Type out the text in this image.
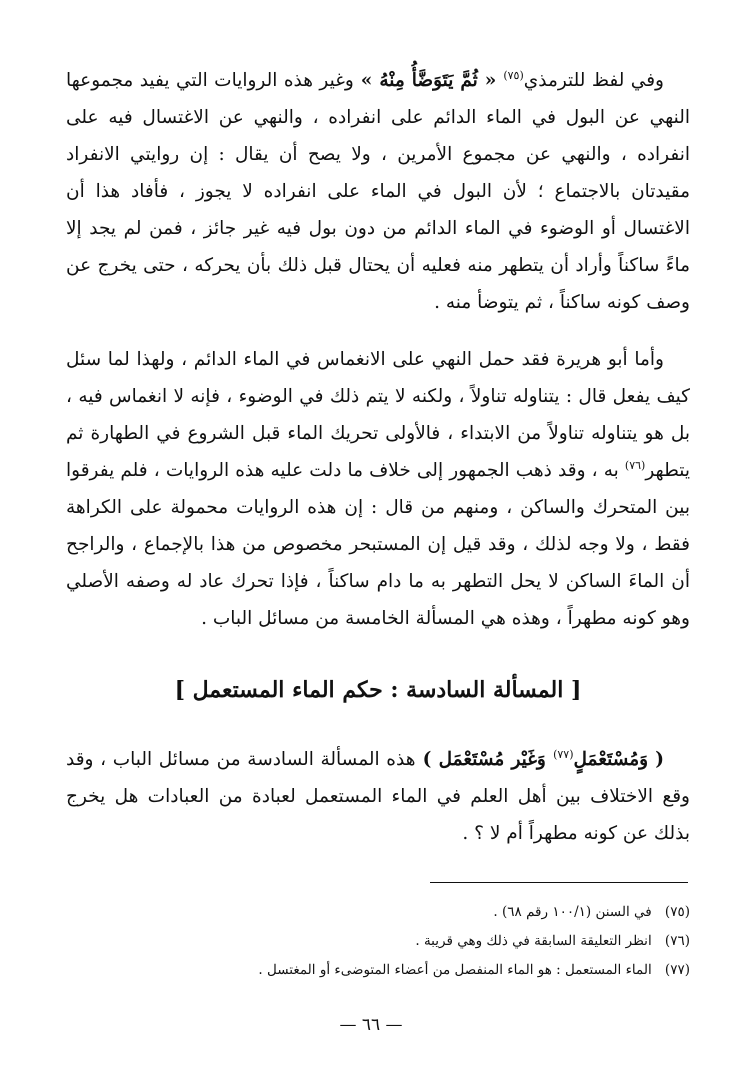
وفي لفظ للترمذي$^{(٧٥)}$ « ثُمَّ يَتَوَضَّأُ مِنْهُ » وغير هذه الروايات التي يفيد مجموعها النهي عن البول في الماء الدائم على انفراده ، والنهي عن الاغتسال فيه على انفراده ، والنهي عن مجموع الأمرين ، ولا يصح أن يقال : إن روايتي الانفراد مقيدتان بالاجتماع ؛ لأن البول في الماء على انفراده لا يجوز ، فأفاد هذا أن الاغتسال أو الوضوء في الماء الدائم من دون بول فيه غير جائز ، فمن لم يجد إلا ماءً ساكناً وأراد أن يتطهر منه فعليه أن يحتال قبل ذلك بأن يحركه ، حتى يخرج عن وصف كونه ساكناً ، ثم يتوضأ منه .

وأما أبو هريرة فقد حمل النهي على الانغماس في الماء الدائم ، ولهذا لما سئل كيف يفعل قال : يتناوله تناولاً ، ولكنه لا يتم ذلك في الوضوء ، فإنه لا انغماس فيه ، بل هو يتناوله تناولاً من الابتداء ، فالأولى تحريك الماء قبل الشروع في الطهارة ثم يتطهر$^{(٧٦)}$ به ، وقد ذهب الجمهور إلى خلاف ما دلت عليه هذه الروايات ، فلم يفرقوا بين المتحرك والساكن ، ومنهم من قال : إن هذه الروايات محمولة على الكراهة فقط ، ولا وجه لذلك ، وقد قيل إن المستبحر مخصوص من هذا بالإجماع ، والراجح أن الماءَ الساكن لا يحل التطهر به ما دام ساكناً ، فإذا تحرك عاد له وصفه الأصلي وهو كونه مطهراً ، وهذه هي المسألة الخامسة من مسائل الباب .

[ المسألة السادسة : حكم الماء المستعمل ]

( وَمُسْتَعْمَلٍ$^{(٧٧)}$ وَغَيْر مُسْتَعْمَل ) هذه المسألة السادسة من مسائل الباب ، وقد وقع الاختلاف بين أهل العلم في الماء المستعمل لعبادة من العبادات هل يخرج بذلك عن كونه مطهراً أم لا ؟ .

(٧٥) في السنن (١٠٠/١ رقم ٦٨) .
(٧٦) انظر التعليقة السابقة في ذلك وهي قريبة .
(٧٧) الماء المستعمل : هو الماء المنفصل من أعضاء المتوضىء أو المغتسل .
— ٦٦ —
